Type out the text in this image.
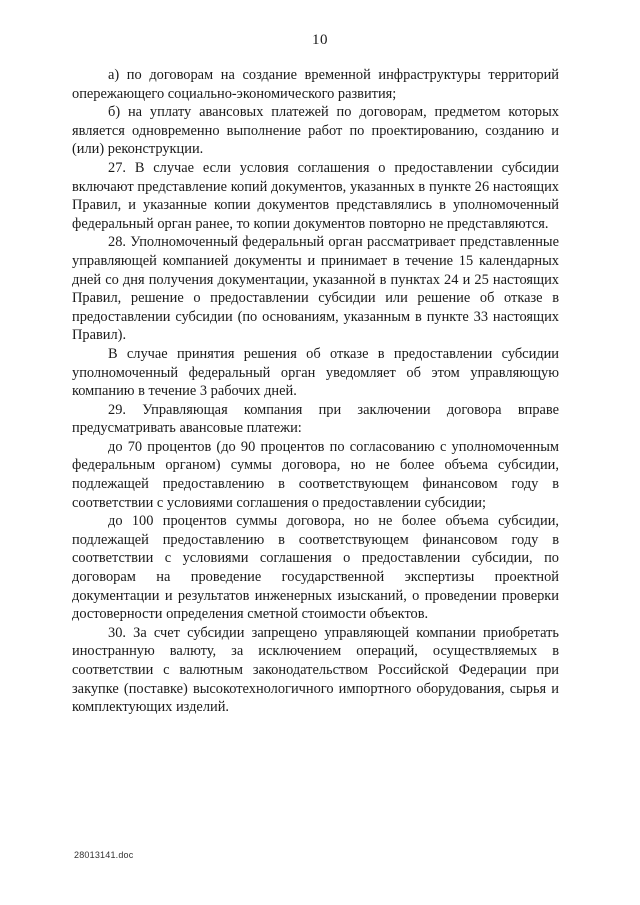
10

а) по договорам на создание временной инфраструктуры территорий опережающего социально-экономического развития;

б) на уплату авансовых платежей по договорам, предметом которых является одновременно выполнение работ по проектированию, созданию и (или) реконструкции.

27. В случае если условия соглашения о предоставлении субсидии включают представление копий документов, указанных в пункте 26 настоящих Правил, и указанные копии документов представлялись в уполномоченный федеральный орган ранее, то копии документов повторно не представляются.

28. Уполномоченный федеральный орган рассматривает представленные управляющей компанией документы и принимает в течение 15 календарных дней со дня получения документации, указанной в пунктах 24 и 25 настоящих Правил, решение о предоставлении субсидии или решение об отказе в предоставлении субсидии (по основаниям, указанным в пункте 33 настоящих Правил).

В случае принятия решения об отказе в предоставлении субсидии уполномоченный федеральный орган уведомляет об этом управляющую компанию в течение 3 рабочих дней.

29. Управляющая компания при заключении договора вправе предусматривать авансовые платежи:

до 70 процентов (до 90 процентов по согласованию с уполномоченным федеральным органом) суммы договора, но не более объема субсидии, подлежащей предоставлению в соответствующем финансовом году в соответствии с условиями соглашения о предоставлении субсидии;

до 100 процентов суммы договора, но не более объема субсидии, подлежащей предоставлению в соответствующем финансовом году в соответствии с условиями соглашения о предоставлении субсидии, по договорам на проведение государственной экспертизы проектной документации и результатов инженерных изысканий, о проведении проверки достоверности определения сметной стоимости объектов.

30. За счет субсидии запрещено управляющей компании приобретать иностранную валюту, за исключением операций, осуществляемых в соответствии с валютным законодательством Российской Федерации при закупке (поставке) высокотехнологичного импортного оборудования, сырья и комплектующих изделий.

28013141.doc
